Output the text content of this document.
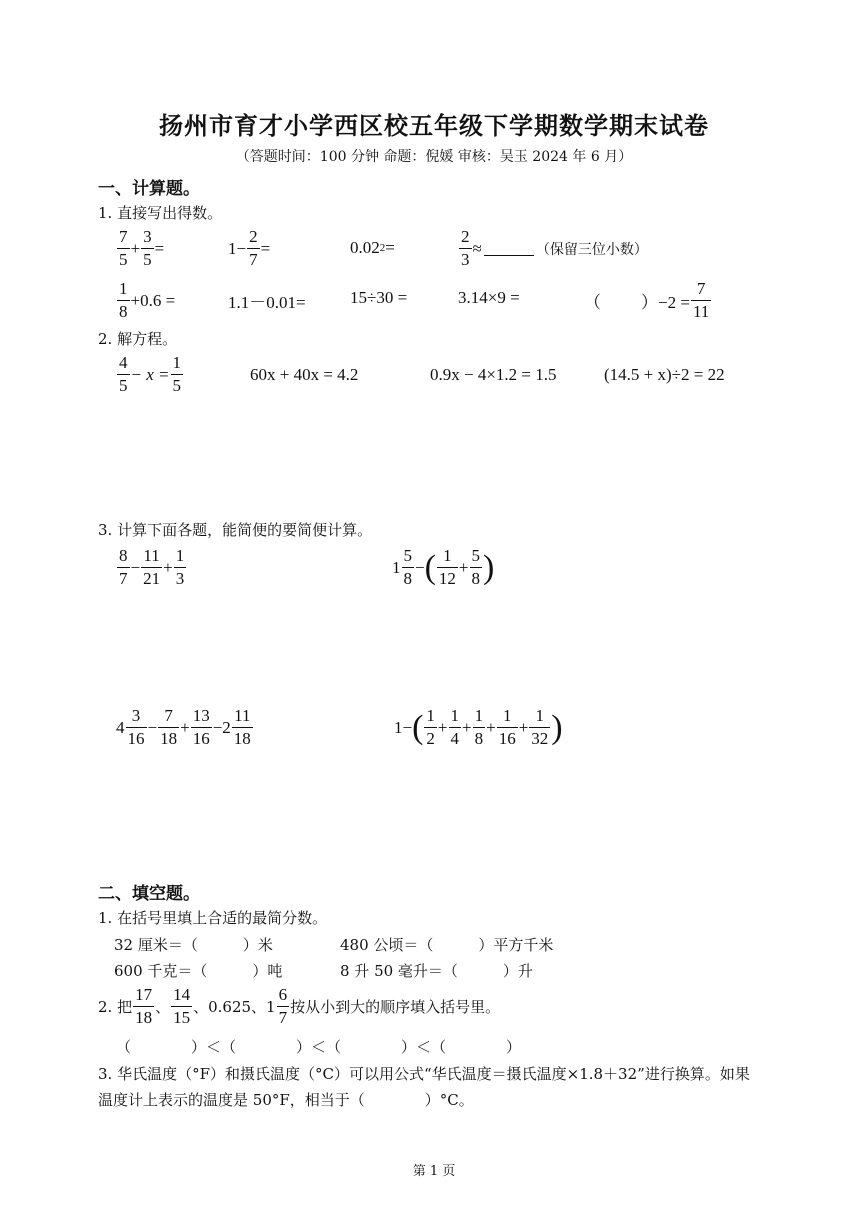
扬州市育才小学西区校五年级下学期数学期末试卷
（答题时间：100 分钟 命题：倪媛 审核：吴玉 2024 年 6 月）
一、计算题。
1. 直接写出得数。
$\frac{7}{5} + \frac{3}{5}$ =	$1- \frac{2}{7}$ =	0.02 2 =	$\frac{2}{3}$ ≈	（保留三位小数）
$\frac{1}{8} +0.6$ =	1.1－0.01=	15÷30 =	3.14×9 =	（ ）$-2 = \frac{7}{11}$
2. 解方程。
$\frac{4}{5} - x = \frac{1}{5}$	60x + 40x = 4.2	0.9x − 4×1.2 = 1.5	(14.5 + x)÷2 = 22
3. 计算下面各题，能简便的要简便计算。
$\frac{8}{7} - \frac{11}{21} + \frac{1}{3}$	$1 \frac{5}{8}$ − ( $\frac{1}{12} + \frac{5}{8}$ )
$4 \frac{3}{16} - \frac{7}{18} + \frac{13}{16} - 2 \frac{11}{18}$	1− ( $\frac{1}{2} + \frac{1}{4} + \frac{1}{8} + \frac{1}{16} + \frac{1}{32}$ )
二、填空题。
1. 在括号里填上合适的最简分数。
32 厘米＝（　　　）米	480 公顷＝（　　　）平方千米
600 千克＝（　　　）吨	8 升 50 毫升＝（　　　）升
2. 把 $\frac{17}{18}$ 、 $\frac{14}{15}$ 、0.625、$1 \frac{6}{7}$ 按从小到大的顺序填入括号里。
（　　　　）＜（　　　　）＜（　　　　）＜（　　　　）
3. 华氏温度（°F）和摄氏温度（°C）可以用公式“华氏温度＝摄氏温度×1.8＋32”进行换算。如果
温度计上表示的温度是 50°F，相当于（　　　　）°C。
第 1 页
